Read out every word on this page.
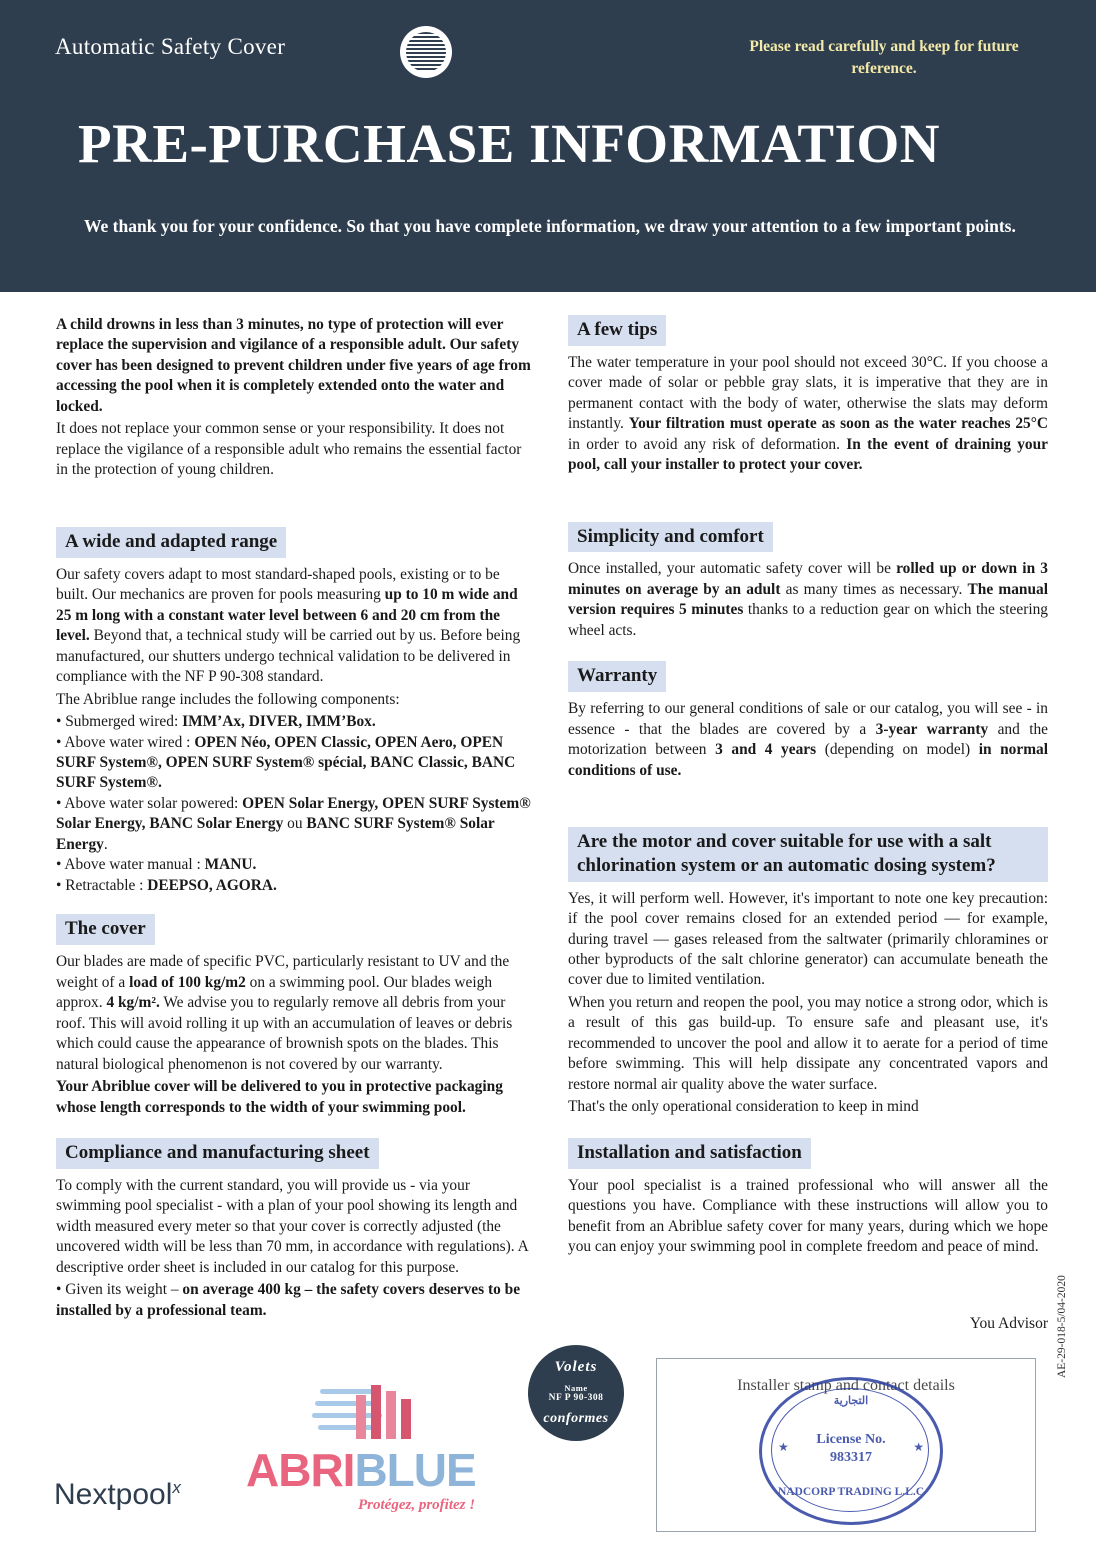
Automatic Safety Cover	Please read carefully and keep for future reference.
PRE-PURCHASE INFORMATION
We thank you for your confidence. So that you have complete information, we draw your attention to a few important points.

A child drowns in less than 3 minutes, no type of protection will ever replace the supervision and vigilance of a responsible adult. Our safety cover has been designed to prevent children under five years of age from accessing the pool when it is completely extended onto the water and locked.

It does not replace your common sense or your responsibility. It does not replace the vigilance of a responsible adult who remains the essential factor in the protection of young children.

A wide and adapted range

Our safety covers adapt to most standard-shaped pools, existing or to be built. Our mechanics are proven for pools measuring up to 10 m wide and 25 m long with a constant water level between 6 and 20 cm from the level. Beyond that, a technical study will be carried out by us. Before being manufactured, our shutters undergo technical validation to be delivered in compliance with the NF P 90-308 standard.

The Abriblue range includes the following components:

• Submerged wired: IMM’Ax, DIVER, IMM’Box.
• Above water wired : OPEN Néo, OPEN Classic, OPEN Aero, OPEN SURF System®, OPEN SURF System® spécial, BANC Classic, BANC SURF System®.
• Above water solar powered: OPEN Solar Energy, OPEN SURF System® Solar Energy, BANC Solar Energy ou BANC SURF System® Solar Energy.
• Above water manual : MANU.
• Retractable : DEEPSO, AGORA.
The cover

Our blades are made of specific PVC, particularly resistant to UV and the weight of a load of 100 kg/m2 on a swimming pool. Our blades weigh approx. 4 kg/m². We advise you to regularly remove all debris from your roof. This will avoid rolling it up with an accumulation of leaves or debris which could cause the appearance of brownish spots on the blades. This natural biological phenomenon is not covered by our warranty.

Your Abriblue cover will be delivered to you in protective packaging whose length corresponds to the width of your swimming pool.

Compliance and manufacturing sheet

To comply with the current standard, you will provide us - via your swimming pool specialist - with a plan of your pool showing its length and width measured every meter so that your cover is correctly adjusted (the uncovered width will be less than 70 mm, in accordance with regulations). A descriptive order sheet is included in our catalog for this purpose.

• Given its weight – on average 400 kg – the safety covers deserves to be installed by a professional team.

A few tips

The water temperature in your pool should not exceed 30°C. If you choose a cover made of solar or pebble gray slats, it is imperative that they are in permanent contact with the body of water, otherwise the slats may deform instantly. Your filtration must operate as soon as the water reaches 25°C in order to avoid any risk of deformation. In the event of draining your pool, call your installer to protect your cover.

Simplicity and comfort

Once installed, your automatic safety cover will be rolled up or down in 3 minutes on average by an adult as many times as necessary. The manual version requires 5 minutes thanks to a reduction gear on which the steering wheel acts.

Warranty

By referring to our general conditions of sale or our catalog, you will see - in essence - that the blades are covered by a 3-year warranty and the motorization between 3 and 4 years (depending on model) in normal conditions of use.

Are the motor and cover suitable for use with a salt chlorination system or an automatic dosing system?

Yes, it will perform well. However, it's important to note one key precaution: if the pool cover remains closed for an extended period — for example, during travel — gases released from the saltwater (primarily chloramines or other byproducts of the salt chlorine generator) can accumulate beneath the cover due to limited ventilation.

When you return and reopen the pool, you may notice a strong odor, which is a result of this gas build-up. To ensure safe and pleasant use, it's recommended to uncover the pool and allow it to aerate for a period of time before swimming. This will help dissipate any concentrated vapors and restore normal air quality above the water surface.

That's the only operational consideration to keep in mind

Installation and satisfaction

Your pool specialist is a trained professional who will answer all the questions you have. Compliance with these instructions will allow you to benefit from an Abriblue safety cover for many years, during which we hope you can enjoy your swimming pool in complete freedom and peace of mind.

You Advisor
Volets
Name
NF P 90-308
conformes
Installer stamp and contact details
التجارية
License No.
983317
NADCORP TRADING L.L.C
★	★
AE-29-018-5/04-2020
Nextpool$^x$ ABRIBLUE
Protégez, profitez !
